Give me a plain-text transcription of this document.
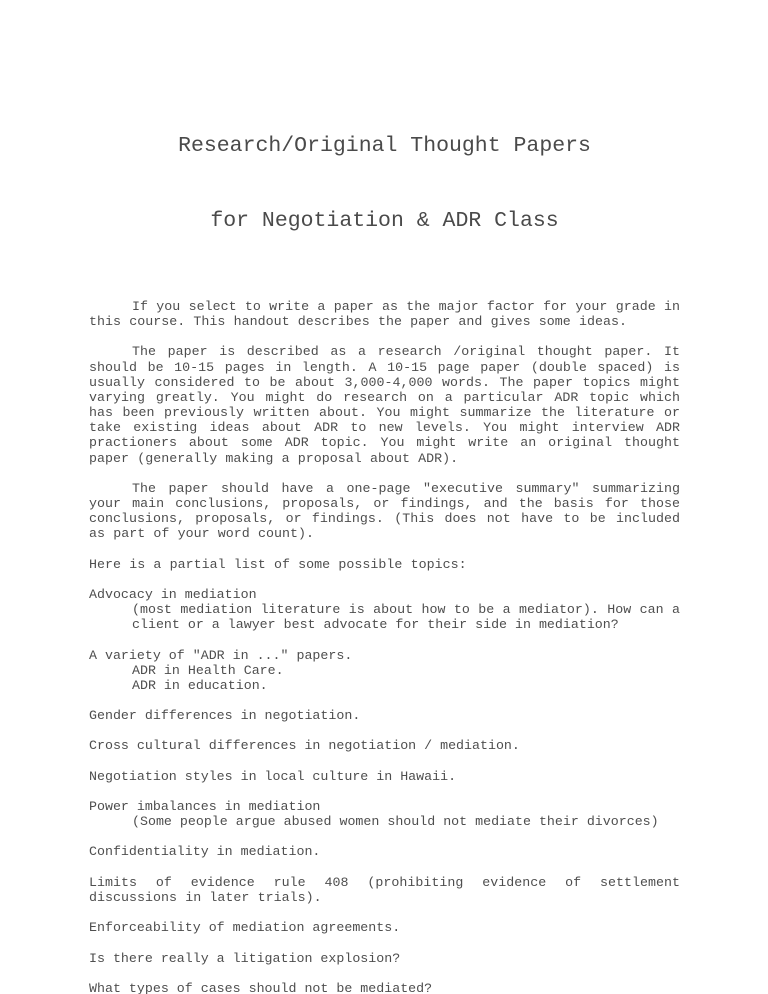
Research/Original Thought Papers

for Negotiation & ADR Class

If you select to write a paper as the major factor for your grade in this course. This handout describes the paper and gives some ideas.

The paper is described as a research /original thought paper. It should be 10-15 pages in length. A 10-15 page paper (double spaced) is usually considered to be about 3,000-4,000 words. The paper topics might varying greatly. You might do research on a particular ADR topic which has been previously written about. You might summarize the literature or take existing ideas about ADR to new levels. You might interview ADR practioners about some ADR topic. You might write an original thought paper (generally making a proposal about ADR).

The paper should have a one-page "executive summary" summarizing your main conclusions, proposals, or findings, and the basis for those conclusions, proposals, or findings. (This does not have to be included as part of your word count).

Here is a partial list of some possible topics:

Advocacy in mediation

(most mediation literature is about how to be a mediator). How can a client or a lawyer best advocate for their side in mediation?

A variety of "ADR in ..." papers.

ADR in Health Care.

ADR in education.

Gender differences in negotiation.

Cross cultural differences in negotiation / mediation.

Negotiation styles in local culture in Hawaii.

Power imbalances in mediation

(Some people argue abused women should not mediate their divorces)

Confidentiality in mediation.

Limits of evidence rule 408 (prohibiting evidence of settlement discussions in later trials).

Enforceability of mediation agreements.

Is there really a litigation explosion?

What types of cases should not be mediated?
